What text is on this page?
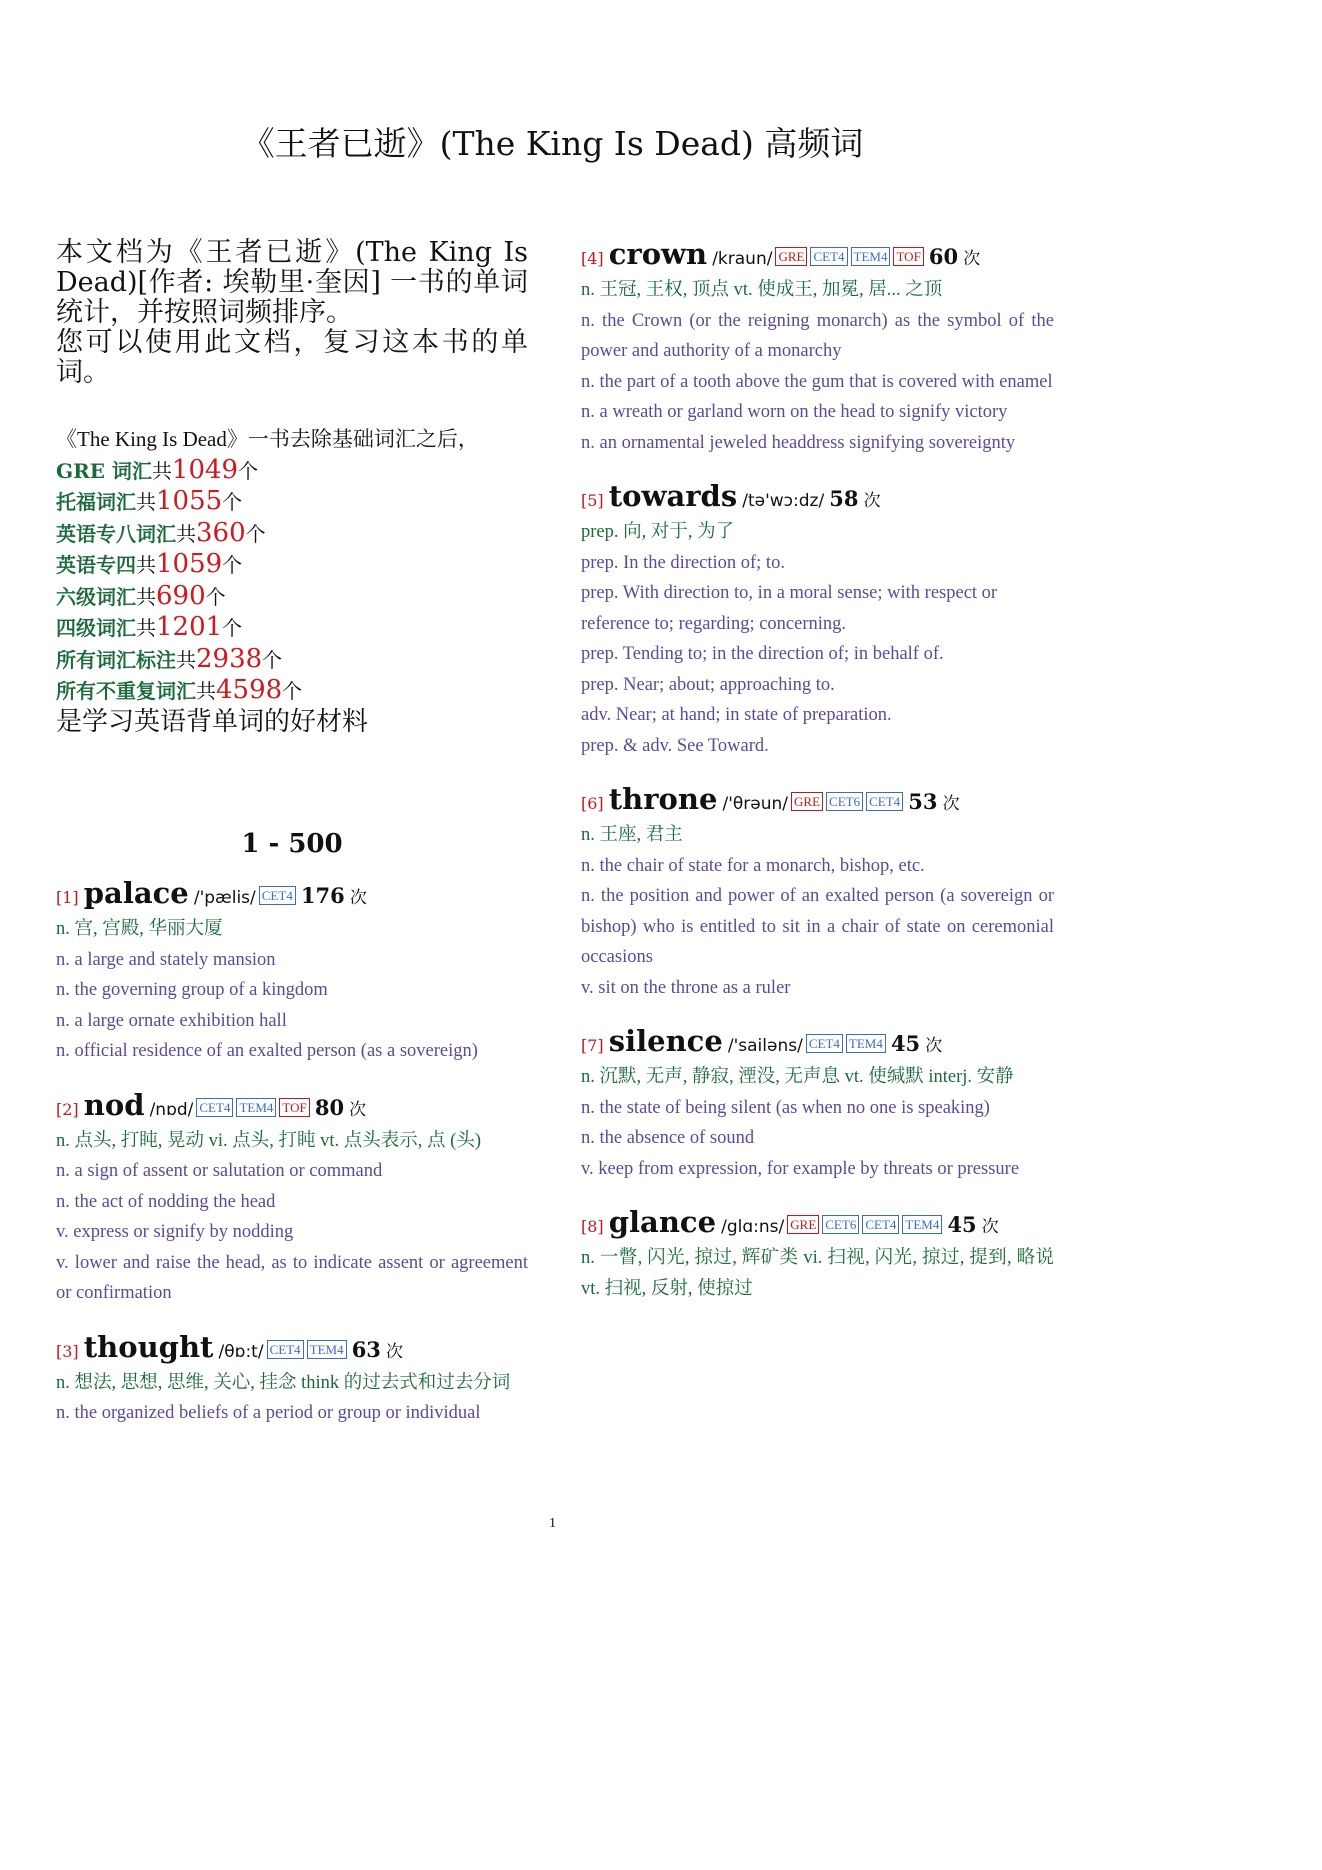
《王者已逝》(The King Is Dead) 高频词

本文档为《王者已逝》(The King Is Dead)[作者: 埃勒里·奎因] 一书的单词统计，并按照词频排序。

您可以使用此文档，复习这本书的单词。

《The King Is Dead》一书去除基础词汇之后，
GRE 词汇共1049个
托福词汇共1055个
英语专八词汇共360个
英语专四共1059个
六级词汇共690个
四级词汇共1201个
所有词汇标注共2938个
所有不重复词汇共4598个
是学习英语背单词的好材料
1 - 500
[1] palace /'pælis/ CET4 176 次
n. 宫, 宫殿, 华丽大厦
n. a large and stately mansion
n. the governing group of a kingdom
n. a large ornate exhibition hall
n. official residence of an exalted person (as a sovereign)
[2] nod /nɒd/ CET4 TEM4 TOF 80 次
n. 点头, 打盹, 晃动 vi. 点头, 打盹 vt. 点头表示, 点 (头)
n. a sign of assent or salutation or command
n. the act of nodding the head
v. express or signify by nodding
v. lower and raise the head, as to indicate assent or agreement or confirmation
[3] thought /θɒ:t/ CET4 TEM4 63 次
n. 想法, 思想, 思维, 关心, 挂念 think 的过去式和过去分词
n. the organized beliefs of a period or group or individual
[4] crown /kraun/ GRE CET4 TEM4 TOF 60 次
n. 王冠, 王权, 顶点 vt. 使成王, 加冕, 居... 之顶
n. the Crown (or the reigning monarch) as the symbol of the power and authority of a monarchy
n. the part of a tooth above the gum that is covered with enamel
n. a wreath or garland worn on the head to signify victory
n. an ornamental jeweled headdress signifying sovereignty
[5] towards /tə'wɔ:dz/ 58 次
prep. 向, 对于, 为了
prep. In the direction of; to.
prep. With direction to, in a moral sense; with respect or
reference to; regarding; concerning.
prep. Tending to; in the direction of; in behalf of.
prep. Near; about; approaching to.
adv. Near; at hand; in state of preparation.
prep. & adv. See Toward.
[6] throne /'θrəun/ GRE CET6 CET4 53 次
n. 王座, 君主
n. the chair of state for a monarch, bishop, etc.
n. the position and power of an exalted person (a sovereign or bishop) who is entitled to sit in a chair of state on ceremonial occasions
v. sit on the throne as a ruler
[7] silence /'sailəns/ CET4 TEM4 45 次
n. 沉默, 无声, 静寂, 湮没, 无声息 vt. 使缄默 interj. 安静
n. the state of being silent (as when no one is speaking)
n. the absence of sound
v. keep from expression, for example by threats or pressure
[8] glance /glɑ:ns/ GRE CET6 CET4 TEM4 45 次
n. 一瞥, 闪光, 掠过, 辉矿类 vi. 扫视, 闪光, 掠过, 提到, 略说 vt. 扫视, 反射, 使掠过
1
